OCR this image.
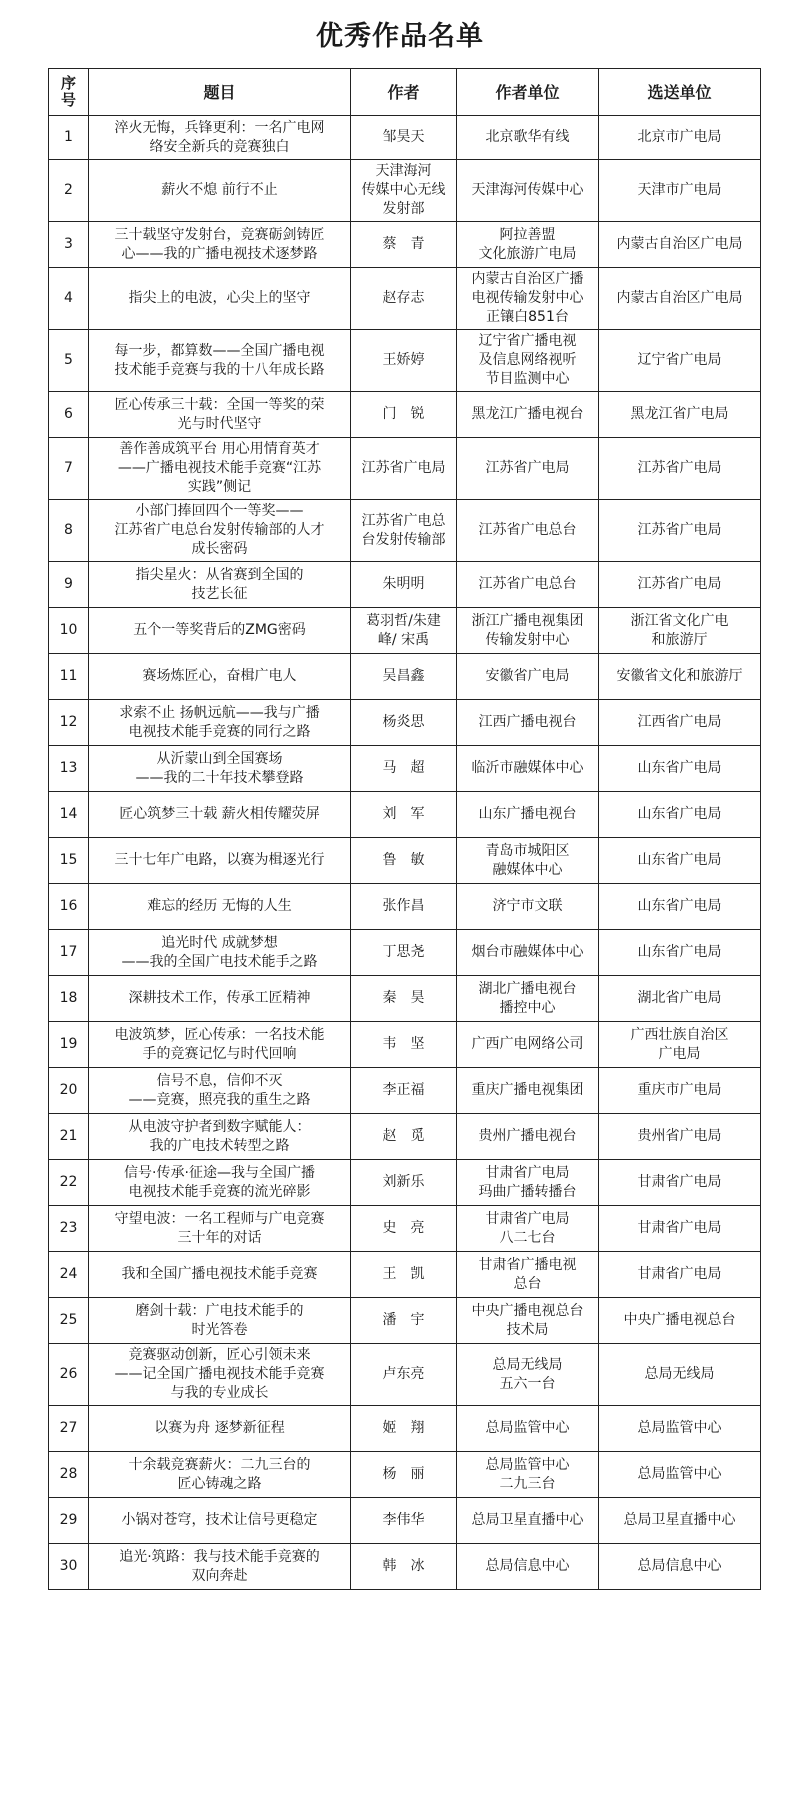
优秀作品名单
序
号	题目	作者	作者单位	选送单位
1	淬火无悔，兵锋更利：一名广电网
络安全新兵的竞赛独白	邹昊天	北京歌华有线	北京市广电局
2	薪火不熄 前行不止	天津海河
传媒中心无线
发射部	天津海河传媒中心	天津市广电局
3	三十载坚守发射台，竞赛砺剑铸匠
心——我的广播电视技术逐梦路	蔡　青	阿拉善盟
文化旅游广电局	内蒙古自治区广电局
4	指尖上的电波，心尖上的坚守	赵存志	内蒙古自治区广播
电视传输发射中心
正镶白851台	内蒙古自治区广电局
5	每一步，都算数——全国广播电视
技术能手竞赛与我的十八年成长路	王娇婷	辽宁省广播电视
及信息网络视听
节目监测中心	辽宁省广电局
6	匠心传承三十载：全国一等奖的荣
光与时代坚守	门　锐	黑龙江广播电视台	黑龙江省广电局
7	善作善成筑平台 用心用情育英才
——广播电视技术能手竞赛“江苏
实践”侧记	江苏省广电局	江苏省广电局	江苏省广电局
8	小部门捧回四个一等奖——
江苏省广电总台发射传输部的人才
成长密码	江苏省广电总
台发射传输部	江苏省广电总台	江苏省广电局
9	指尖星火：从省赛到全国的
技艺长征	朱明明	江苏省广电总台	江苏省广电局
10	五个一等奖背后的ZMG密码	葛羽哲/朱建
峰/ 宋禹	浙江广播电视集团
传输发射中心	浙江省文化广电
和旅游厅
11	赛场炼匠心，奋楫广电人	吴昌鑫	安徽省广电局	安徽省文化和旅游厅
12	求索不止 扬帆远航——我与广播
电视技术能手竞赛的同行之路	杨炎思	江西广播电视台	江西省广电局
13	从沂蒙山到全国赛场
——我的二十年技术攀登路	马　超	临沂市融媒体中心	山东省广电局
14	匠心筑梦三十载 薪火相传耀荧屏	刘　军	山东广播电视台	山东省广电局
15	三十七年广电路，以赛为楫逐光行	鲁　敏	青岛市城阳区
融媒体中心	山东省广电局
16	难忘的经历 无悔的人生	张作昌	济宁市文联	山东省广电局
17	追光时代 成就梦想
——我的全国广电技术能手之路	丁思尧	烟台市融媒体中心	山东省广电局
18	深耕技术工作，传承工匠精神	秦　昊	湖北广播电视台
播控中心	湖北省广电局
19	电波筑梦，匠心传承：一名技术能
手的竞赛记忆与时代回响	韦　坚	广西广电网络公司	广西壮族自治区
广电局
20	信号不息，信仰不灭
——竞赛，照亮我的重生之路	李正福	重庆广播电视集团	重庆市广电局
21	从电波守护者到数字赋能人：
我的广电技术转型之路	赵　觅	贵州广播电视台	贵州省广电局
22	信号·传承·征途—我与全国广播
电视技术能手竞赛的流光碎影	刘新乐	甘肃省广电局
玛曲广播转播台	甘肃省广电局
23	守望电波：一名工程师与广电竞赛
三十年的对话	史　亮	甘肃省广电局
八二七台	甘肃省广电局
24	我和全国广播电视技术能手竞赛	王　凯	甘肃省广播电视
总台	甘肃省广电局
25	磨剑十载：广电技术能手的
时光答卷	潘　宇	中央广播电视总台
技术局	中央广播电视总台
26	竞赛驱动创新，匠心引领未来
——记全国广播电视技术能手竞赛
与我的专业成长	卢东亮	总局无线局
五六一台	总局无线局
27	以赛为舟 逐梦新征程	姬　翔	总局监管中心	总局监管中心
28	十余载竞赛薪火：二九三台的
匠心铸魂之路	杨　丽	总局监管中心
二九三台	总局监管中心
29	小锅对苍穹，技术让信号更稳定	李伟华	总局卫星直播中心	总局卫星直播中心
30	追光·筑路：我与技术能手竞赛的
双向奔赴	韩　冰	总局信息中心	总局信息中心
